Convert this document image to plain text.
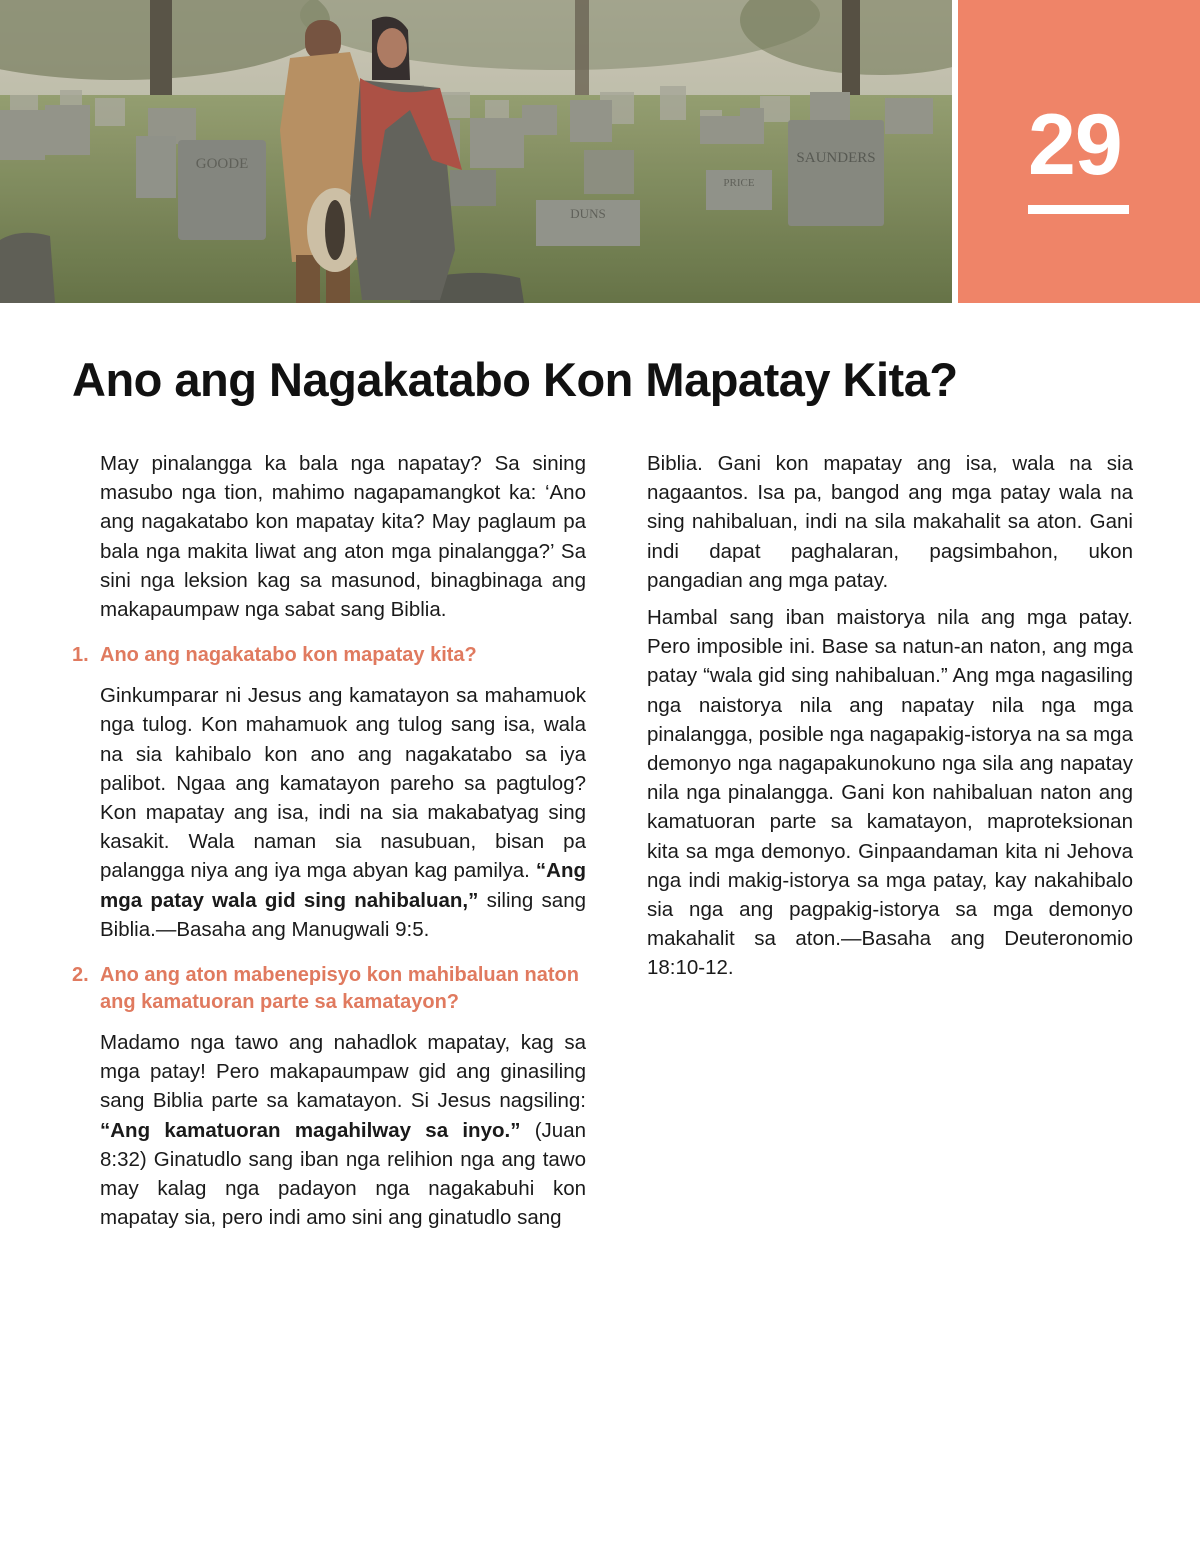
GOODE	SAUNDERS
DUNS
PRICE	29
Ano ang Nagakatabo Kon Mapatay Kita?

May pinalangga ka bala nga napatay? Sa sining masubo nga tion, mahimo nagapamangkot ka: ‘Ano ang nagakatabo kon mapatay kita? May paglaum pa bala nga makita liwat ang aton mga pinalangga?’ Sa sini nga leksion kag sa masunod, binagbinaga ang makapaumpaw nga sabat sang Biblia.

1. Ano ang nagakatabo kon mapatay kita?

Ginkumparar ni Jesus ang kamatayon sa mahamuok nga tulog. Kon mahamuok ang tulog sang isa, wala na sia kahibalo kon ano ang nagakatabo sa iya palibot. Ngaa ang kamatayon pareho sa pagtulog? Kon mapatay ang isa, indi na sia makabatyag sing kasakit. Wala naman sia nasubuan, bisan pa palangga niya ang iya mga abyan kag pamilya. “Ang mga patay wala gid sing nahibaluan,” siling sang Biblia.—Basaha ang Manugwali 9:5.

2. Ano ang aton mabenepisyo kon mahibaluan naton ang kamatuoran parte sa kamatayon?

Madamo nga tawo ang nahadlok mapatay, kag sa mga patay! Pero makapaumpaw gid ang ginasiling sang Biblia parte sa kamatayon. Si Jesus nagsiling: “Ang kamatuoran magahilway sa inyo.” (Juan 8:32) Ginatudlo sang iban nga relihion nga ang tawo may kalag nga padayon nga nagakabuhi kon mapatay sia, pero indi amo sini ang ginatudlo sang

Biblia. Gani kon mapatay ang isa, wala na sia nagaantos. Isa pa, bangod ang mga patay wala na sing nahibaluan, indi na sila makahalit sa aton. Gani indi dapat paghalaran, pagsimbahon, ukon pangadian ang mga patay.

Hambal sang iban maistorya nila ang mga patay. Pero imposible ini. Base sa natun-an naton, ang mga patay “wala gid sing nahibaluan.” Ang mga nagasiling nga naistorya nila ang napatay nila nga mga pinalangga, posible nga nagapakig-istorya na sa mga demonyo nga nagapakunokuno nga sila ang napatay nila nga pinalangga. Gani kon nahibaluan naton ang kamatuoran parte sa kamatayon, maproteksionan kita sa mga demonyo. Ginpaandaman kita ni Jehova nga indi makig-istorya sa mga patay, kay nakahibalo sia nga ang pagpakig-istorya sa mga demonyo makahalit sa aton.—Basaha ang Deuteronomio 18:10-12.
